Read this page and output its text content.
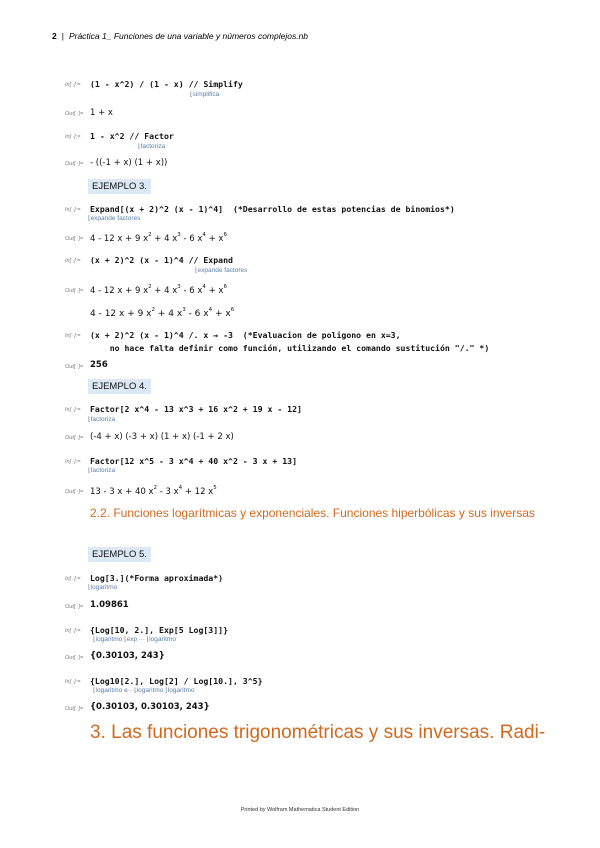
2 | Práctica 1_ Funciones de una variable y números complejos.nb
In[ ∙]:= (1 - x^2) / (1 - x) // Simplify
⌊simplifica
Out[ ∙]= 1 + x
In[ ∙]:= 1 - x^2 // Factor
⌊factoriza
Out[ ∙]= - ((-1 + x) (1 + x))
EJEMPLO 3.
In[ ∙]:= Expand[(x + 2)^2 (x - 1)^4]  (*Desarrollo de estas potencias de binomios*)
⌊expande factores
Out[ ∙]= 4 - 12 x + 9 $x^2 + 4$ $x^3 - 6$ $x^4 + x^6$
In[ ∙]:= (x + 2)^2 (x - 1)^4 // Expand
⌊expande factores
Out[ ∙]= 4 - 12 x + 9 $x^2 + 4$ $x^3 - 6$ $x^4 + x^6$
4 - 12 x + 9 $x^2 + 4$ $x^3 - 6$ $x^4 + x^6$
In[ ∙]:= (x + 2)^2 (x - 1)^4 /. x → -3  (*Evaluacion de poligono en x=3,
no hace falta definir como función, utilizando el comando sustitución "/." *)
Out[ ∙]= 256
EJEMPLO 4.
In[ ∙]:= Factor[2 x^4 - 13 x^3 + 16 x^2 + 19 x - 12]
⌊factoriza
Out[ ∙]= (-4 + x) (-3 + x) (1 + x) (-1 + 2 x)
In[ ∙]:= Factor[12 x^5 - 3 x^4 + 40 x^2 - 3 x + 13]
⌊factoriza
Out[ ∙]= 13 - 3 x + 40 $x^2 - 3$ $x^4 + 12$ $x^5$
2.2. Funciones logarítmicas y exponenciales. Funciones hiperbólicas y sus inversas
EJEMPLO 5.
In[ ∙]:= Log[3.](*Forma aproximada*)
⌊logaritmo
Out[ ∙]= 1.09861
In[ ∙]:= {Log[10, 2.], Exp[5 Log[3]]}
⌊logaritmo ⌊exp ··· ⌊logaritmo
Out[ ∙]= {0.30103, 243}
In[ ∙]:= {Log10[2.], Log[2] / Log[10.], 3^5}
⌊logaritmo e···⌊logaritmo ⌊logaritmo
Out[ ∙]= {0.30103, 0.30103, 243}
3. Las funciones trigonométricas y sus inversas. Radi-
Printed by Wolfram Mathematica Student Edition
